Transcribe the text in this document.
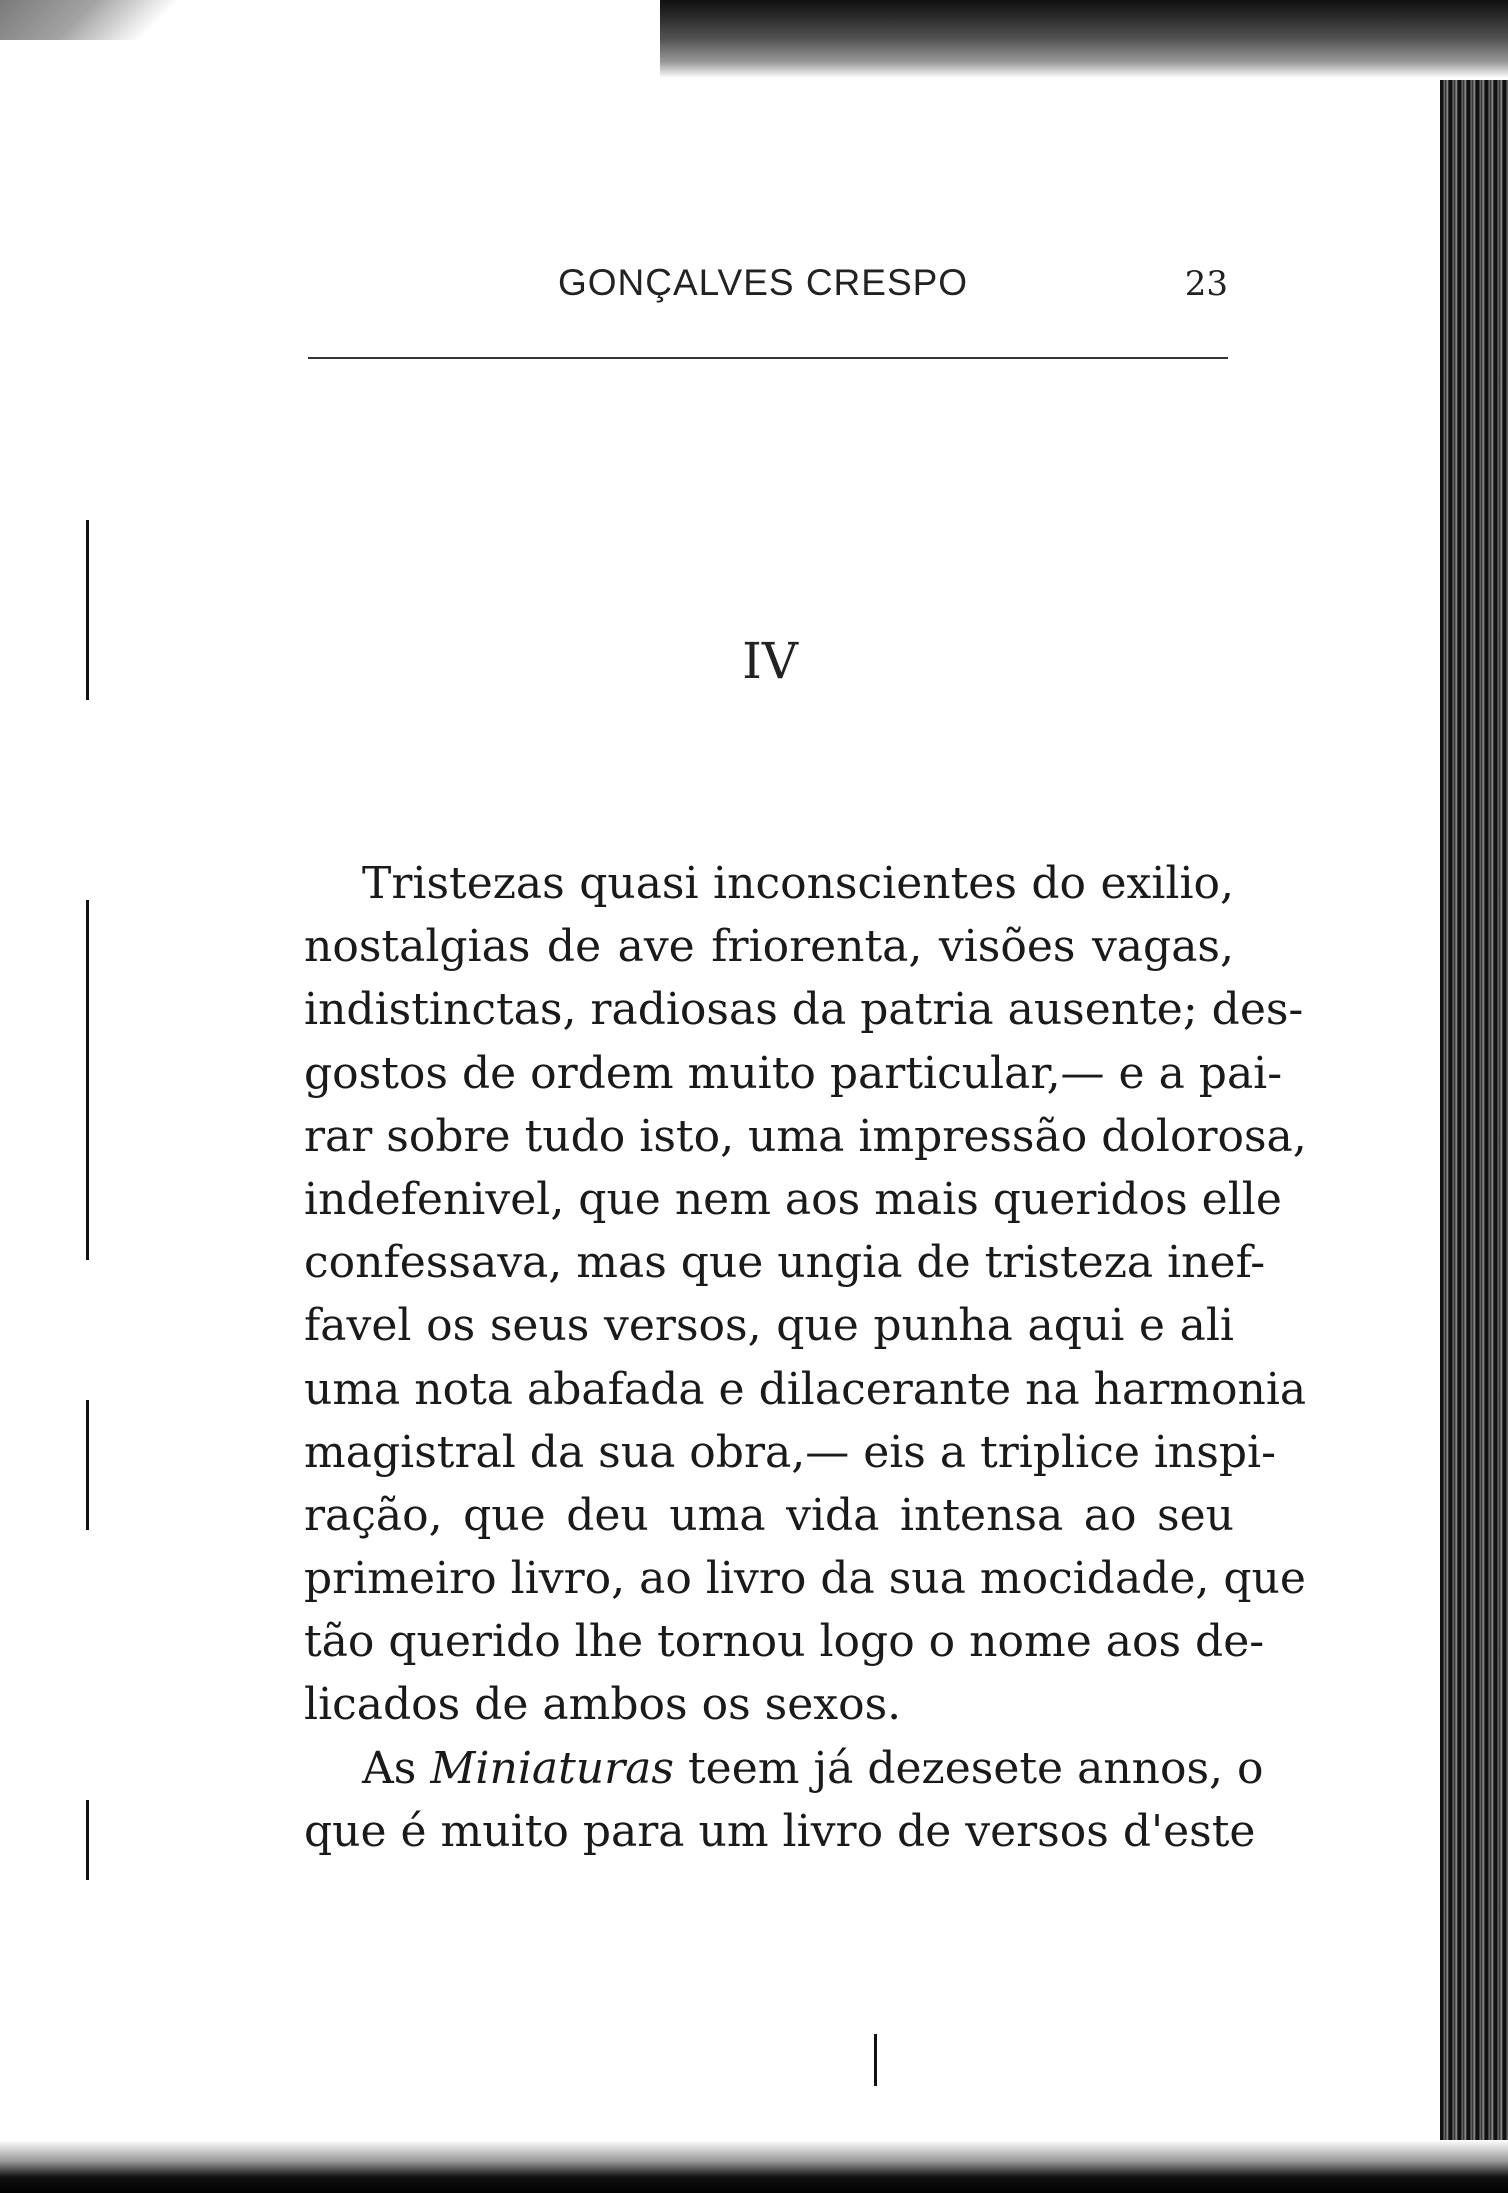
GONÇALVES CRESPO	23
IV
Tristezas quasi inconscientes do exilio,
nostalgias de ave friorenta, visões vagas,
indistinctas, radiosas da patria ausente; des-
gostos de ordem muito particular,— e a pai-
rar sobre tudo isto, uma impressão dolorosa,
indefenivel, que nem aos mais queridos elle
confessava, mas que ungia de tristeza inef-
favel os seus versos, que punha aqui e ali
uma nota abafada e dilacerante na harmonia
magistral da sua obra,— eis a triplice inspi-
ração, que deu uma vida intensa ao seu
primeiro livro, ao livro da sua mocidade, que
tão querido lhe tornou logo o nome aos de-
licados de ambos os sexos.
As Miniaturas teem já dezesete annos, o
que é muito para um livro de versos d'este
